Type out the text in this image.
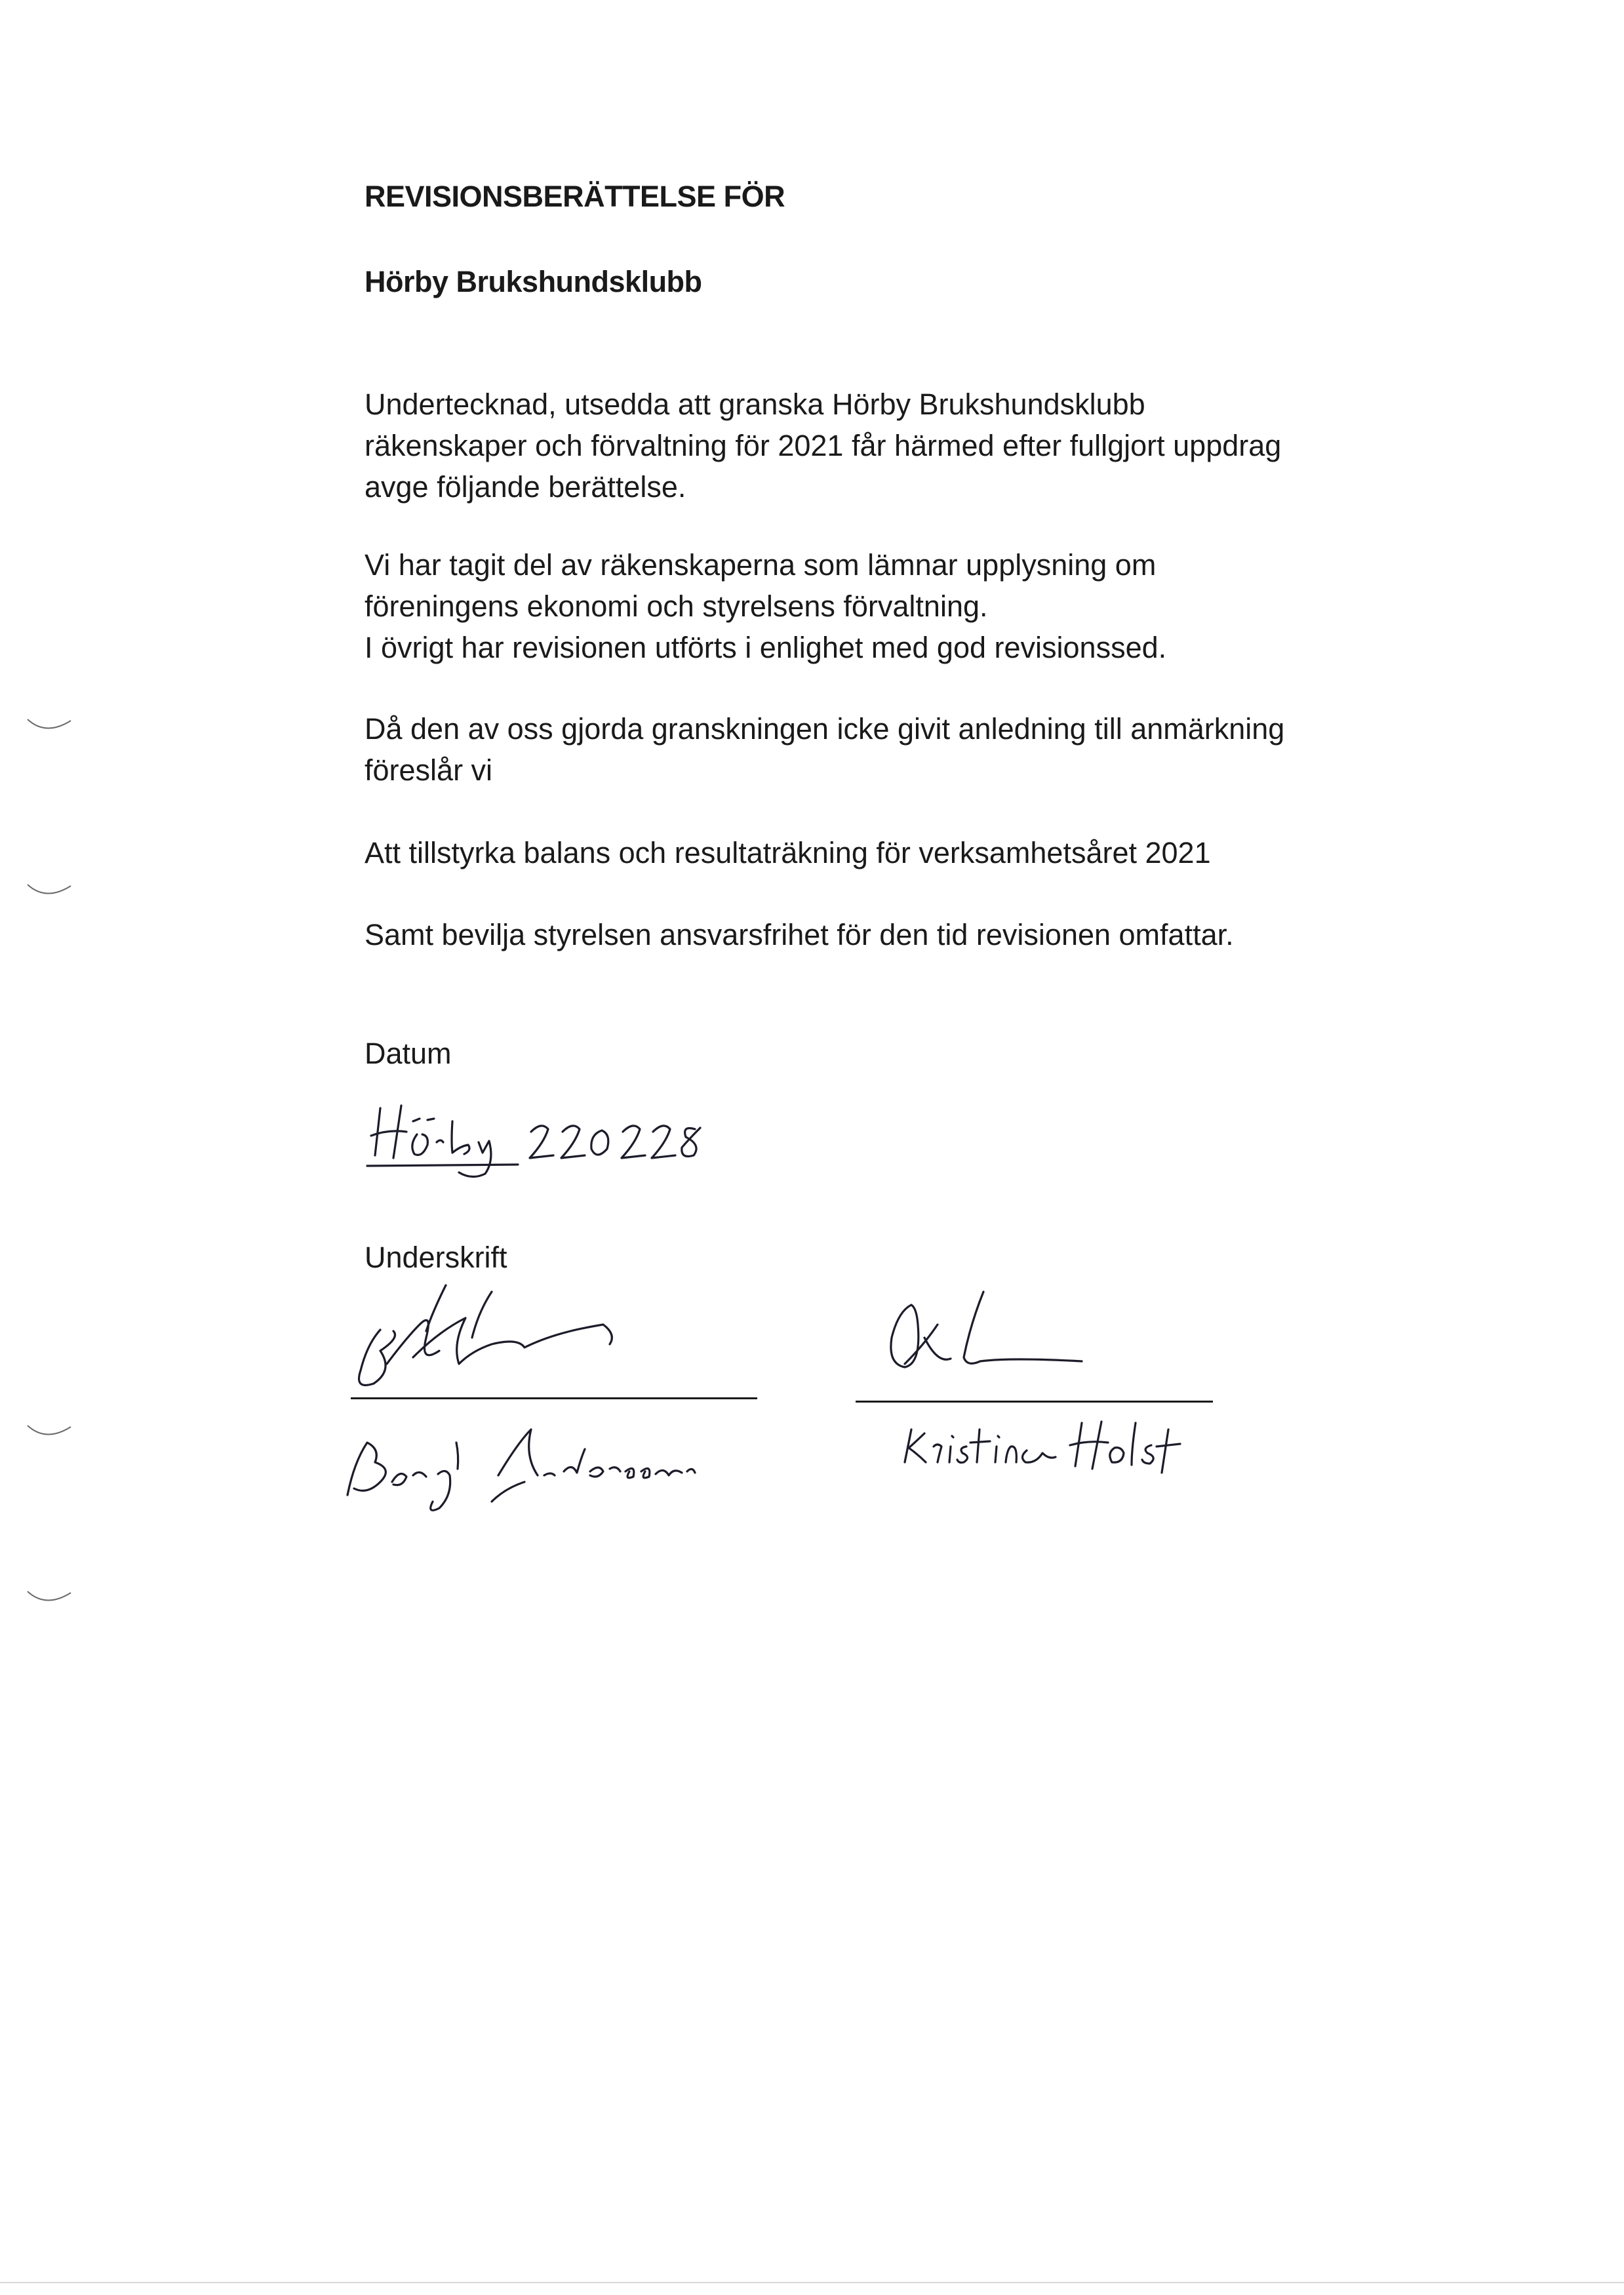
REVISIONSBERÄTTELSE FÖR
Hörby Brukshundsklubb
Undertecknad, utsedda att granska Hörby Brukshundsklubb
räkenskaper och förvaltning för 2021 får härmed efter fullgjort uppdrag
avge följande berättelse.
Vi har tagit del av räkenskaperna som lämnar upplysning om
föreningens ekonomi och styrelsens förvaltning.
I övrigt har revisionen utförts i enlighet med god revisionssed.
Då den av oss gjorda granskningen icke givit anledning till anmärkning
föreslår vi
Att tillstyrka balans och resultaträkning för verksamhetsåret 2021
Samt bevilja styrelsen ansvarsfrihet för den tid revisionen omfattar.
Datum
Underskrift
